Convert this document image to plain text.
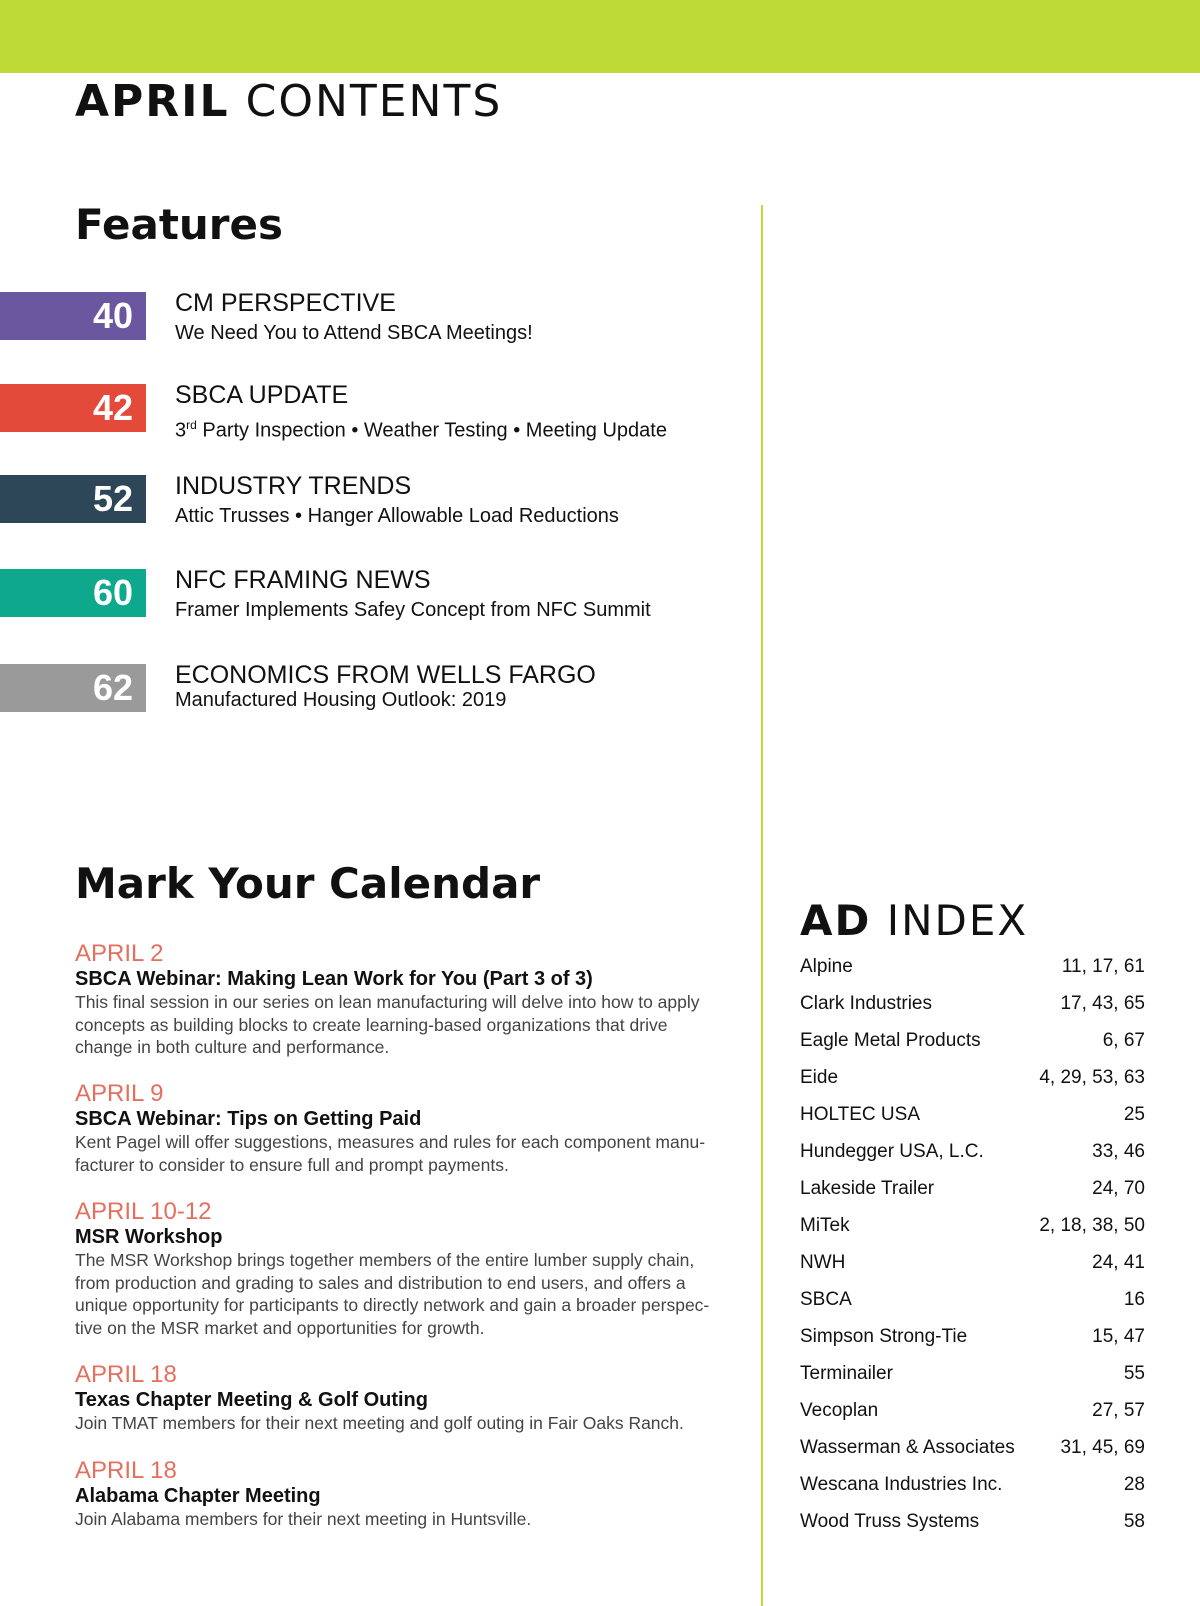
APRIL CONTENTS
Features
40	CM PERSPECTIVE
We Need You to Attend SBCA Meetings!
42	SBCA UPDATE
3rd Party Inspection • Weather Testing • Meeting Update
52	INDUSTRY TRENDS
Attic Trusses • Hanger Allowable Load Reductions
60	NFC FRAMING NEWS
Framer Implements Safey Concept from NFC Summit
62	ECONOMICS FROM WELLS FARGO
Manufactured Housing Outlook: 2019
Mark Your Calendar
APRIL 2
SBCA Webinar: Making Lean Work for You (Part 3 of 3)
This final session in our series on lean manufacturing will delve into how to apply
concepts as building blocks to create learning-based organizations that drive
change in both culture and performance.
APRIL 9
SBCA Webinar: Tips on Getting Paid
Kent Pagel will offer suggestions, measures and rules for each component manu-
facturer to consider to ensure full and prompt payments.
APRIL 10-12
MSR Workshop
The MSR Workshop brings together members of the entire lumber supply chain,
from production and grading to sales and distribution to end users, and offers a
unique opportunity for participants to directly network and gain a broader perspec-
tive on the MSR market and opportunities for growth.
APRIL 18
Texas Chapter Meeting & Golf Outing
Join TMAT members for their next meeting and golf outing in Fair Oaks Ranch.
APRIL 18
Alabama Chapter Meeting
Join Alabama members for their next meeting in Huntsville.
AD INDEX
Alpine	11, 17, 61
Clark Industries	17, 43, 65
Eagle Metal Products	6, 67
Eide	4, 29, 53, 63
HOLTEC USA	25
Hundegger USA, L.C.	33, 46
Lakeside Trailer	24, 70
MiTek	2, 18, 38, 50
NWH	24, 41
SBCA	16
Simpson Strong-Tie	15, 47
Terminailer	55
Vecoplan	27, 57
Wasserman & Associates 31, 45, 69
Wescana Industries Inc.	28
Wood Truss Systems	58
